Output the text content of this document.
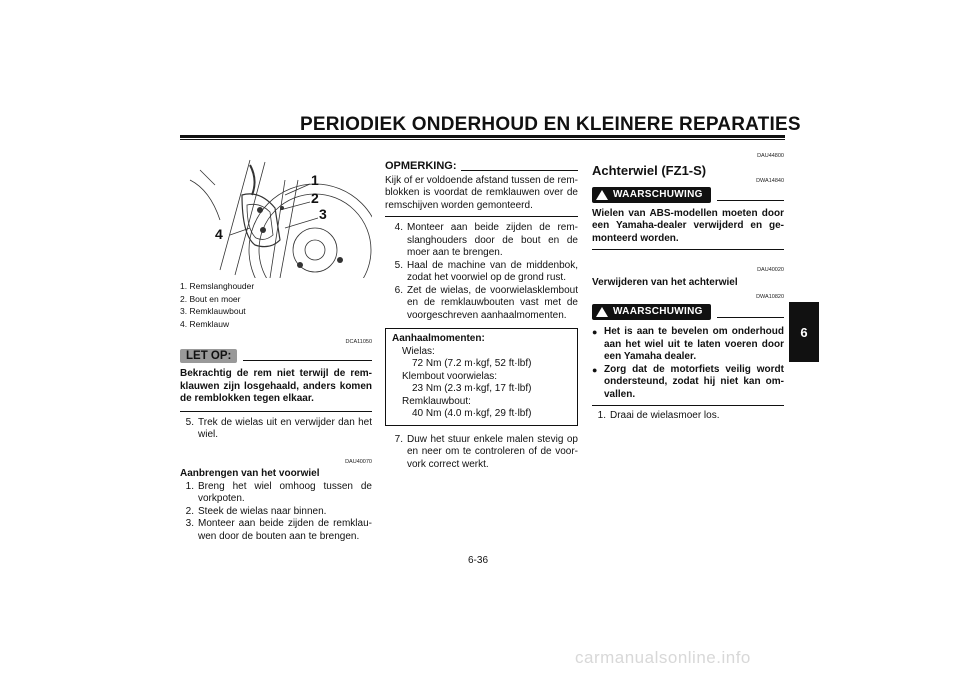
PERIODIEK ONDERHOUD EN KLEINERE REPARATIES
6
1
2
3
4
1. Remslanghouder
2. Bout en moer
3. Remklauwbout
4. Remklauw
DCA11050
LET OP:
Bekrachtig de rem niet terwijl de rem-klauwen zijn losgehaald, anders komen de remblokken tegen elkaar.
5. Trek de wielas uit en verwijder dan het wiel.
DAU40070
Aanbrengen van het voorwiel
1. Breng het wiel omhoog tussen de vorkpoten.
2. Steek de wielas naar binnen.
3. Monteer aan beide zijden de remklau-wen door de bouten aan te brengen.
OPMERKING:
Kijk of er voldoende afstand tussen de rem-blokken is voordat de remklauwen over de remschijven worden gemonteerd.
4. Monteer aan beide zijden de rem-slanghouders door de bout en de moer aan te brengen.
5. Haal de machine van de middenbok, zodat het voorwiel op de grond rust.
6. Zet de wielas, de voorwielasklembout en de remklauwbouten vast met de voorgeschreven aanhaalmomenten.
Aanhaalmomenten:
Wielas:
72 Nm (7.2 m·kgf, 52 ft·lbf)
Klembout voorwielas:
23 Nm (2.3 m·kgf, 17 ft·lbf)
Remklauwbout:
40 Nm (4.0 m·kgf, 29 ft·lbf)
7. Duw het stuur enkele malen stevig op en neer om te controleren of de voor-vork correct werkt.
DAU44800
Achterwiel (FZ1-S)
WAARSCHUWING
DWA14840
Wielen van ABS-modellen moeten door een Yamaha-dealer verwijderd en ge-monteerd worden.
DAU40020
Verwijderen van het achterwiel
DWA10820
WAARSCHUWING
● Het is aan te bevelen om onderhoud aan het wiel uit te laten voeren door een Yamaha dealer.
● Zorg dat de motorfiets veilig wordt ondersteund, zodat hij niet kan om-vallen.
1. Draai de wielasmoer los.
6-36
carmanualsonline.info
